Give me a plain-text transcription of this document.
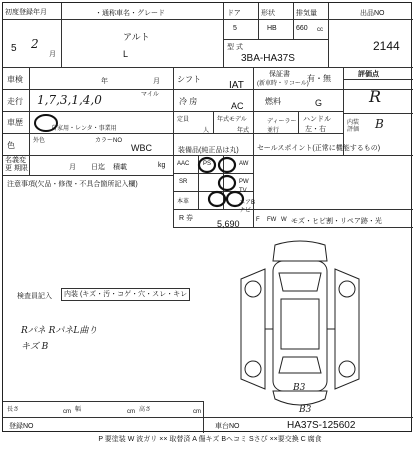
初度登録年月
5 2
月
・通称車名・グレード
アルト
L
ドア
5
形状
HB
排気量
660 cc
型 式
3BA-HA37S
出品NO
2144
車検	年	月 シフト
IAT
保証書
(新車時・リコール)
有・無
走行 1,7,3,1,4,0	マイル
冷 房	AC	燃料	G
車歴
自家用・レンタ・事業用
定員
人
年式モデル
年式
ディーラー 並行
ハンドル
左・右
色	外色	カラーNO
WBC
名義変更 期限	月 日迄 積載	kg
注意事項(欠品・修復・不具合箇所記入欄)
評価点
R
内装評価	B
セールスポイント(正常に機能するもの)
装備品(純正品は丸)
AAC PS	AW
SR	PW
TV
本革	エアB
ナビ
R 券
5,690	F FW W モズ・ヒビ割・リペア跡・光
検査員記入	内装 (キズ・汚・コゲ・穴・スレ・キレ
Rパネ RパネL曲り
キズ B
B3
B3
長さ	cm 幅	cm 高さ	cm
登録NO	車台NO	HA37S-125602
P 要塗装 W 波ガリ ×× 取替済 A 傷キズ Bヘコミ Sさび ××要交換 C 腐食
